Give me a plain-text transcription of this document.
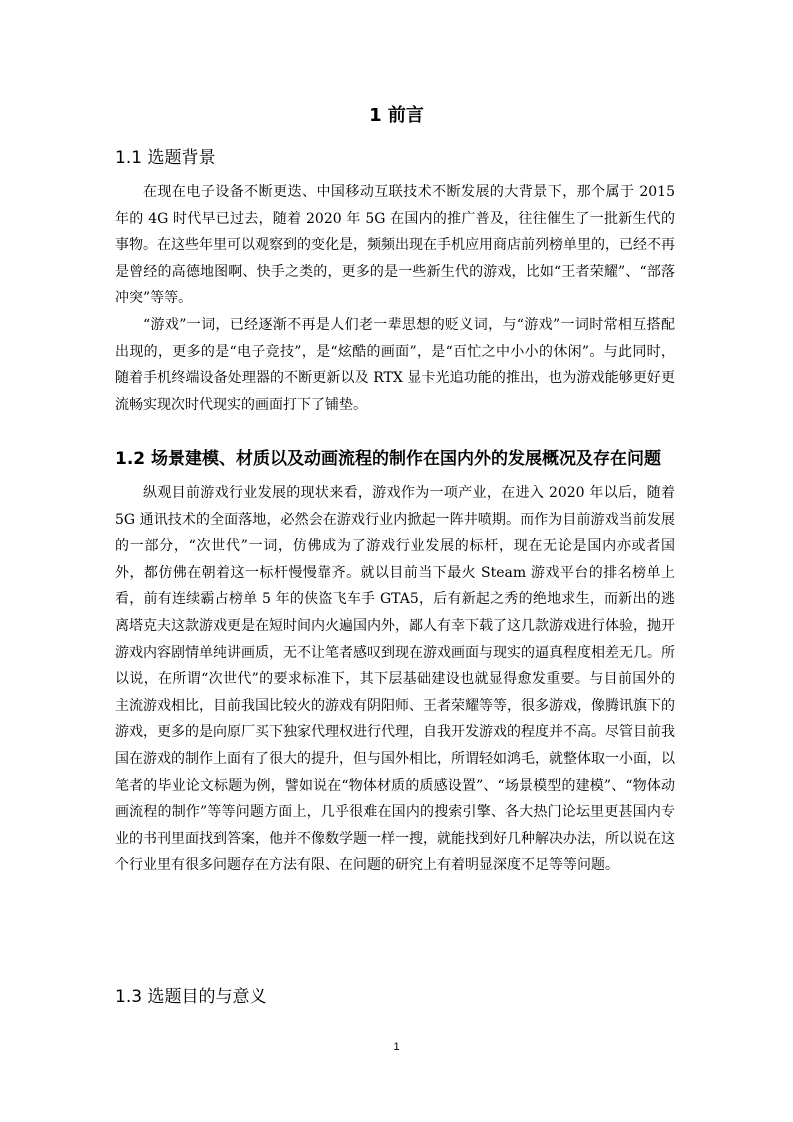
1 前言
1.1 选题背景

在现在电子设备不断更迭、中国移动互联技术不断发展的大背景下，那个属于 2015 年的 4G 时代早已过去，随着 2020 年 5G 在国内的推广普及，往往催生了一批新生代的事物。在这些年里可以观察到的变化是，频频出现在手机应用商店前列榜单里的，已经不再是曾经的高德地图啊、快手之类的，更多的是一些新生代的游戏，比如“王者荣耀”、“部落冲突”等等。

“游戏”一词，已经逐渐不再是人们老一辈思想的贬义词，与“游戏”一词时常相互搭配出现的，更多的是“电子竞技”，是“炫酷的画面”，是“百忙之中小小的休闲”。与此同时，随着手机终端设备处理器的不断更新以及 RTX 显卡光追功能的推出，也为游戏能够更好更流畅实现次时代现实的画面打下了铺垫。

1.2 场景建模、材质以及动画流程的制作在国内外的发展概况及存在问题

纵观目前游戏行业发展的现状来看，游戏作为一项产业，在进入 2020 年以后，随着 5G 通讯技术的全面落地，必然会在游戏行业内掀起一阵井喷期。而作为目前游戏当前发展的一部分，“次世代”一词，仿佛成为了游戏行业发展的标杆，现在无论是国内亦或者国外，都仿佛在朝着这一标杆慢慢靠齐。就以目前当下最火 Steam 游戏平台的排名榜单上看，前有连续霸占榜单 5 年的侠盗飞车手 GTA5，后有新起之秀的绝地求生，而新出的逃离塔克夫这款游戏更是在短时间内火遍国内外，鄙人有幸下载了这几款游戏进行体验，抛开游戏内容剧情单纯讲画质，无不让笔者感叹到现在游戏画面与现实的逼真程度相差无几。所以说，在所谓“次世代”的要求标准下，其下层基础建设也就显得愈发重要。与目前国外的主流游戏相比，目前我国比较火的游戏有阴阳师、王者荣耀等等，很多游戏，像腾讯旗下的游戏，更多的是向原厂买下独家代理权进行代理，自我开发游戏的程度并不高。尽管目前我国在游戏的制作上面有了很大的提升，但与国外相比，所谓轻如鸿毛，就整体取一小面，以笔者的毕业论文标题为例，譬如说在“物体材质的质感设置”、“场景模型的建模”、“物体动画流程的制作”等等问题方面上，几乎很难在国内的搜索引擎、各大热门论坛里更甚国内专业的书刊里面找到答案，他并不像数学题一样一搜，就能找到好几种解决办法，所以说在这个行业里有很多问题存在方法有限、在问题的研究上有着明显深度不足等等问题。

1.3 选题目的与意义
1
